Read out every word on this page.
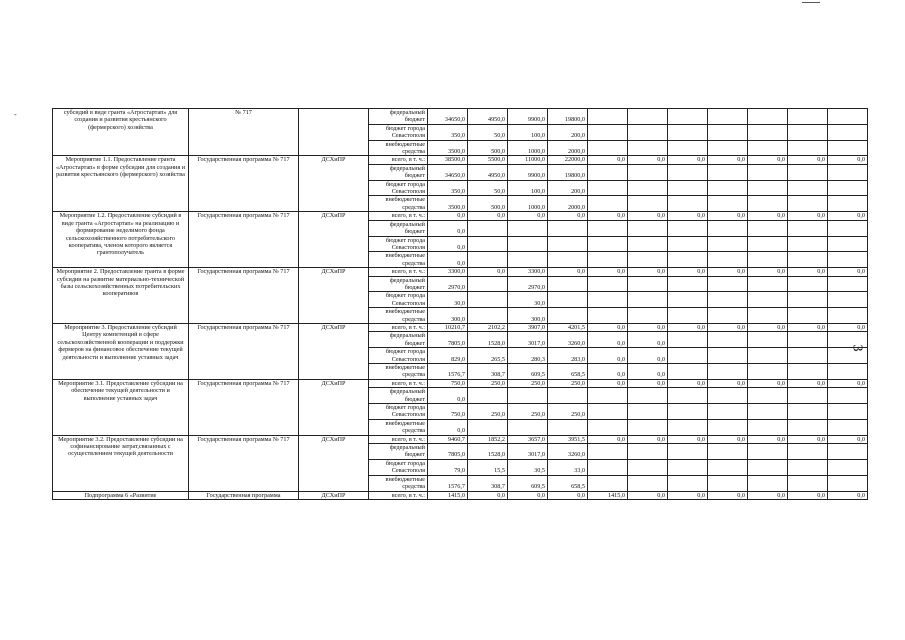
-
3
субсидий в виде гранта «Агростартап» для создания и развития крестьянского (фермерского) хозяйства	№ 717		федеральный бюджет	34650,0	4950,0	9900,0	19800,0							
			бюджет города Севастополя	350,0	50,0	100,0	200,0							
			внебюджетные средства	3500,0	500,0	1000,0	2000,0							
Мероприятие 1.1. Предоставление гранта «Агростартап» в форме субсидии для создания и развития крестьянского (фермерского) хозяйства	Государственная программа № 717	ДСХиПР	всего, в т. ч.:	38500,0	5500,0	11000,0	22000,0	0,0	0,0	0,0	0,0	0,0	0,0	0,0
			федеральный бюджет	34650,0	4950,0	9900,0	19800,0							
			бюджет города Севастополя	350,0	50,0	100,0	200,0							
			внебюджетные средства	3500,0	500,0	1000,0	2000,0							
Мероприятие 1.2. Предоставление субсидий в виде гранта «Агростартап» на реализацию и формирование неделимого фонда сельскохозяйственного потребительского кооператива, членом которого является грантополучатель	Государственная программа № 717	ДСХиПР	всего, в т. ч.:	0,0	0,0	0,0	0,0	0,0	0,0	0,0	0,0	0,0	0,0	0,0
			федеральный бюджет	0,0										
			бюджет города Севастополя	0,0										
			внебюджетные средства	0,0										
Мероприятие 2. Предоставление гранта в форме субсидии на развитие материально-технической базы сельскохозяйственных потребительских кооперативов	Государственная программа № 717	ДСХиПР	всего, в т. ч.:	3300,0	0,0	3300,0	0,0	0,0	0,0	0,0	0,0	0,0	0,0	0,0
			федеральный бюджет	2970,0		2970,0								
			бюджет города Севастополя	30,0		30,0								
			внебюджетные средства	300,0		300,0								
Мероприятие 3. Предоставление субсидий Центру компетенций в сфере сельскохозяйственной кооперации и поддержки фермеров на финансовое обеспечение текущей деятельности и выполнение уставных задач	Государственная программа № 717	ДСХиПР	всего, в т. ч.:	10210,7	2102,2	3907,0	4201,5	0,0	0,0	0,0	0,0	0,0	0,0	0,0
			федеральный бюджет	7805,0	1528,0	3017,0	3260,0	0,0	0,0					
			бюджет города Севастополя	829,0	265,5	280,3	283,0	0,0	0,0					
			внебюджетные средства	1576,7	308,7	609,5	658,5	0,0	0,0					
Мероприятие 3.1. Предоставление субсидии на обеспечение текущей деятельности и выполнение уставных задач	Государственная программа № 717	ДСХиПР	всего, в т. ч.:	750,0	250,0	250,0	250,0	0,0	0,0	0,0	0,0	0,0	0,0	0,0
			федеральный бюджет	0,0										
			бюджет города Севастополя	750,0	250,0	250,0	250,0							
			внебюджетные средства	0,0										
Мероприятие 3.2. Предоставление субсидии на софинансирование затрат,связанных с осуществлением текущей деятельности	Государственная программа № 717	ДСХиПР	всего, в т. ч.:	9460,7	1852,2	3657,0	3951,5	0,0	0,0	0,0	0,0	0,0	0,0	0,0
			федеральный бюджет	7805,0	1528,0	3017,0	3260,0							
			бюджет города Севастополя	79,0	15,5	30,5	33,0							
			внебюджетные средства	1576,7	308,7	609,5	658,5							
Подпрограмма 6 «Развитие	Государственная программа	ДСХиПР	всего, в т. ч.:	1415,0	0,0	0,0	0,0	1415,0	0,0	0,0	0,0	0,0	0,0	0,0
